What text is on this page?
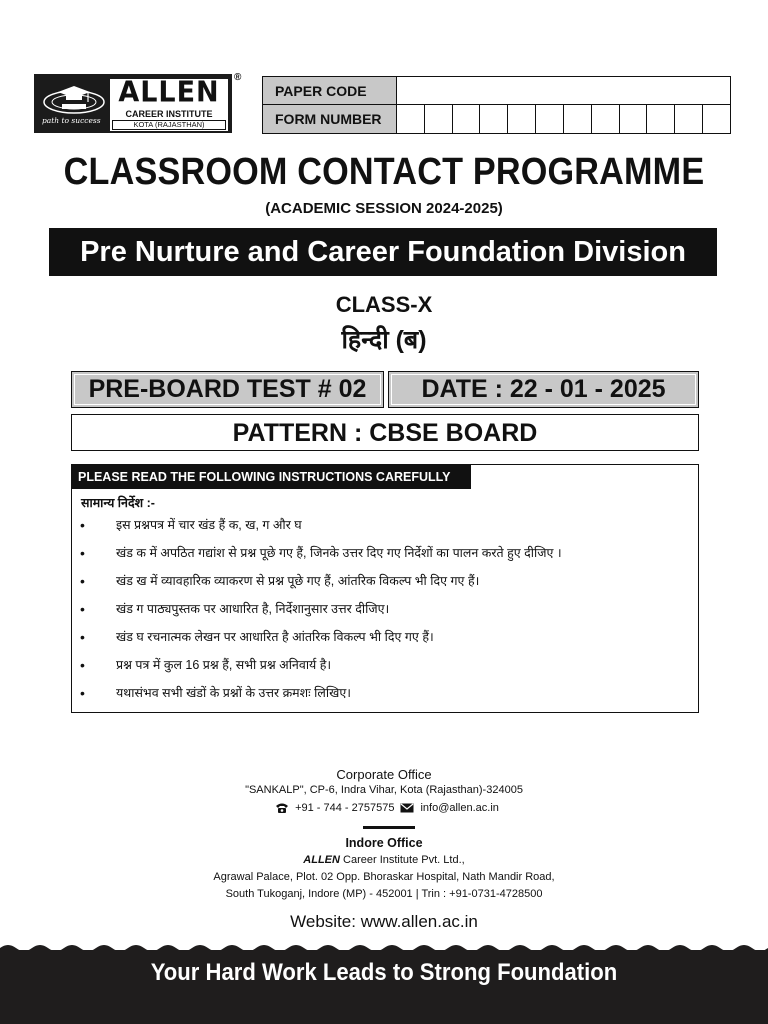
path to success
ALLEN
CAREER INSTITUTE
KOTA (RAJASTHAN)
®
PAPER CODE
FORM NUMBER
CLASSROOM CONTACT PROGRAMME
(ACADEMIC SESSION 2024-2025)
Pre Nurture and Career Foundation Division
CLASS-X
हिन्दी (ब)
PRE-BOARD TEST # 02	DATE : 22 - 01 - 2025
PATTERN : CBSE BOARD
PLEASE READ THE FOLLOWING INSTRUCTIONS CAREFULLY
सामान्य निर्देश :-
• इस प्रश्नपत्र में चार खंड हैं क, ख, ग और घ
• खंड क में अपठित गद्यांश से प्रश्न पूछे गए हैं, जिनके उत्तर दिए गए निर्देशों का पालन करते हुए दीजिए ।
• खंड ख में व्यावहारिक व्याकरण से प्रश्न पूछे गए हैं, आंतरिक विकल्प भी दिए गए हैं।
• खंड ग पाठ्यपुस्तक पर आधारित है, निर्देशानुसार उत्तर दीजिए।
• खंड घ रचनात्मक लेखन पर आधारित है आंतरिक विकल्प भी दिए गए हैं।
• प्रश्न पत्र में कुल 16 प्रश्न हैं, सभी प्रश्न अनिवार्य है।
• यथासंभव सभी खंडों के प्रश्नों के उत्तर क्रमशः लिखिए।
Corporate Office
"SANKALP", CP-6, Indra Vihar, Kota (Rajasthan)-324005
+91 - 744 - 2757575 info@allen.ac.in
Indore Office
ALLEN Career Institute Pvt. Ltd.,
Agrawal Palace, Plot. 02 Opp. Bhoraskar Hospital, Nath Mandir Road,
South Tukoganj, Indore (MP) - 452001 | Trin : +91-0731-4728500
Website: www.allen.ac.in
Your Hard Work Leads to Strong Foundation
